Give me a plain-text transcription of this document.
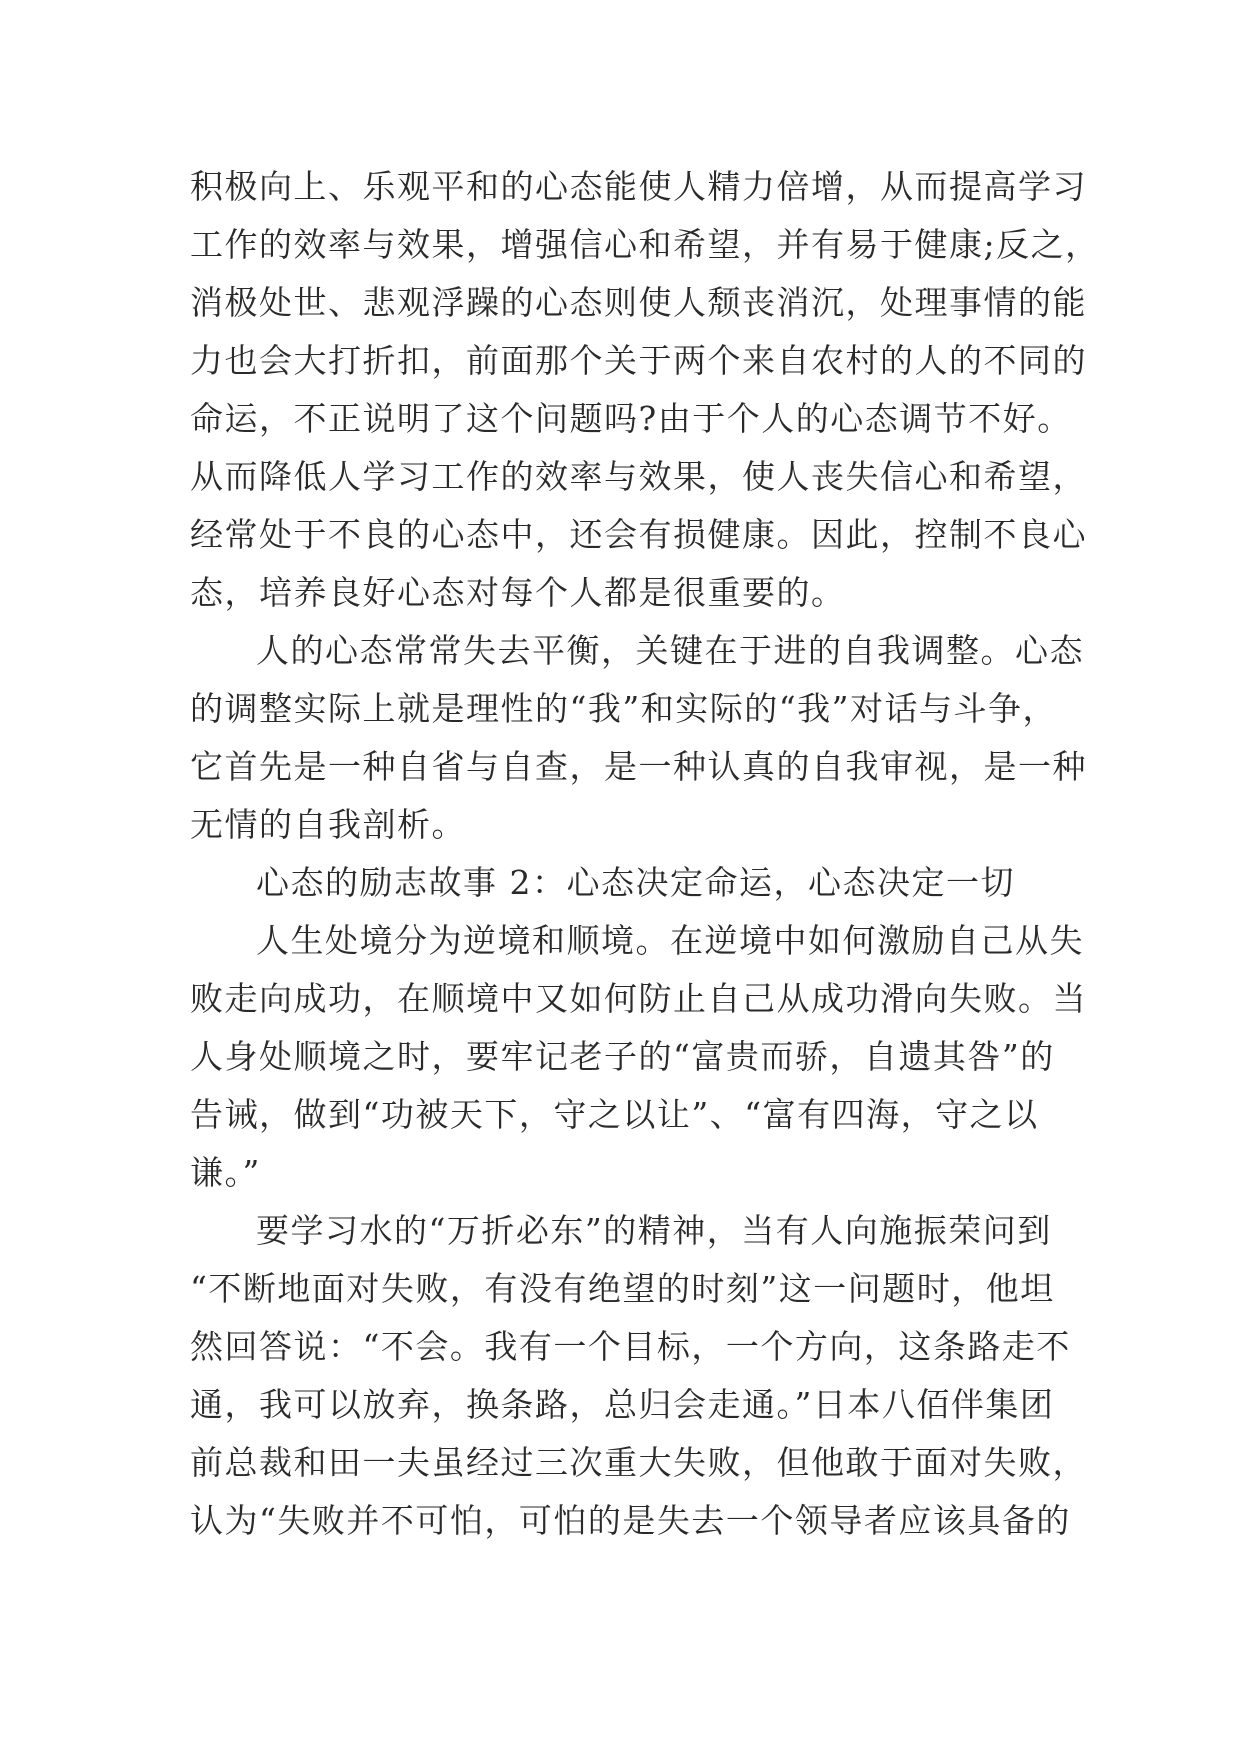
积极向上、乐观平和的心态能使人精力倍增，从而提高学习
工作的效率与效果，增强信心和希望，并有易于健康;反之，
消极处世、悲观浮躁的心态则使人颓丧消沉，处理事情的能
力也会大打折扣，前面那个关于两个来自农村的人的不同的
命运，不正说明了这个问题吗?由于个人的心态调节不好。
从而降低人学习工作的效率与效果，使人丧失信心和希望，
经常处于不良的心态中，还会有损健康。因此，控制不良心
态，培养良好心态对每个人都是很重要的。
人的心态常常失去平衡，关键在于进的自我调整。心态
的调整实际上就是理性的“我”和实际的“我”对话与斗争，
它首先是一种自省与自查，是一种认真的自我审视，是一种
无情的自我剖析。
心态的励志故事 2：心态决定命运，心态决定一切
人生处境分为逆境和顺境。在逆境中如何激励自己从失
败走向成功，在顺境中又如何防止自己从成功滑向失败。当
人身处顺境之时，要牢记老子的“富贵而骄，自遗其咎”的
告诫，做到“功被天下，守之以让”、“富有四海，守之以
谦。”
要学习水的“万折必东”的精神，当有人向施振荣问到
“不断地面对失败，有没有绝望的时刻”这一问题时，他坦
然回答说：“不会。我有一个目标，一个方向，这条路走不
通，我可以放弃，换条路，总归会走通。”日本八佰伴集团
前总裁和田一夫虽经过三次重大失败，但他敢于面对失败，
认为“失败并不可怕，可怕的是失去一个领导者应该具备的
